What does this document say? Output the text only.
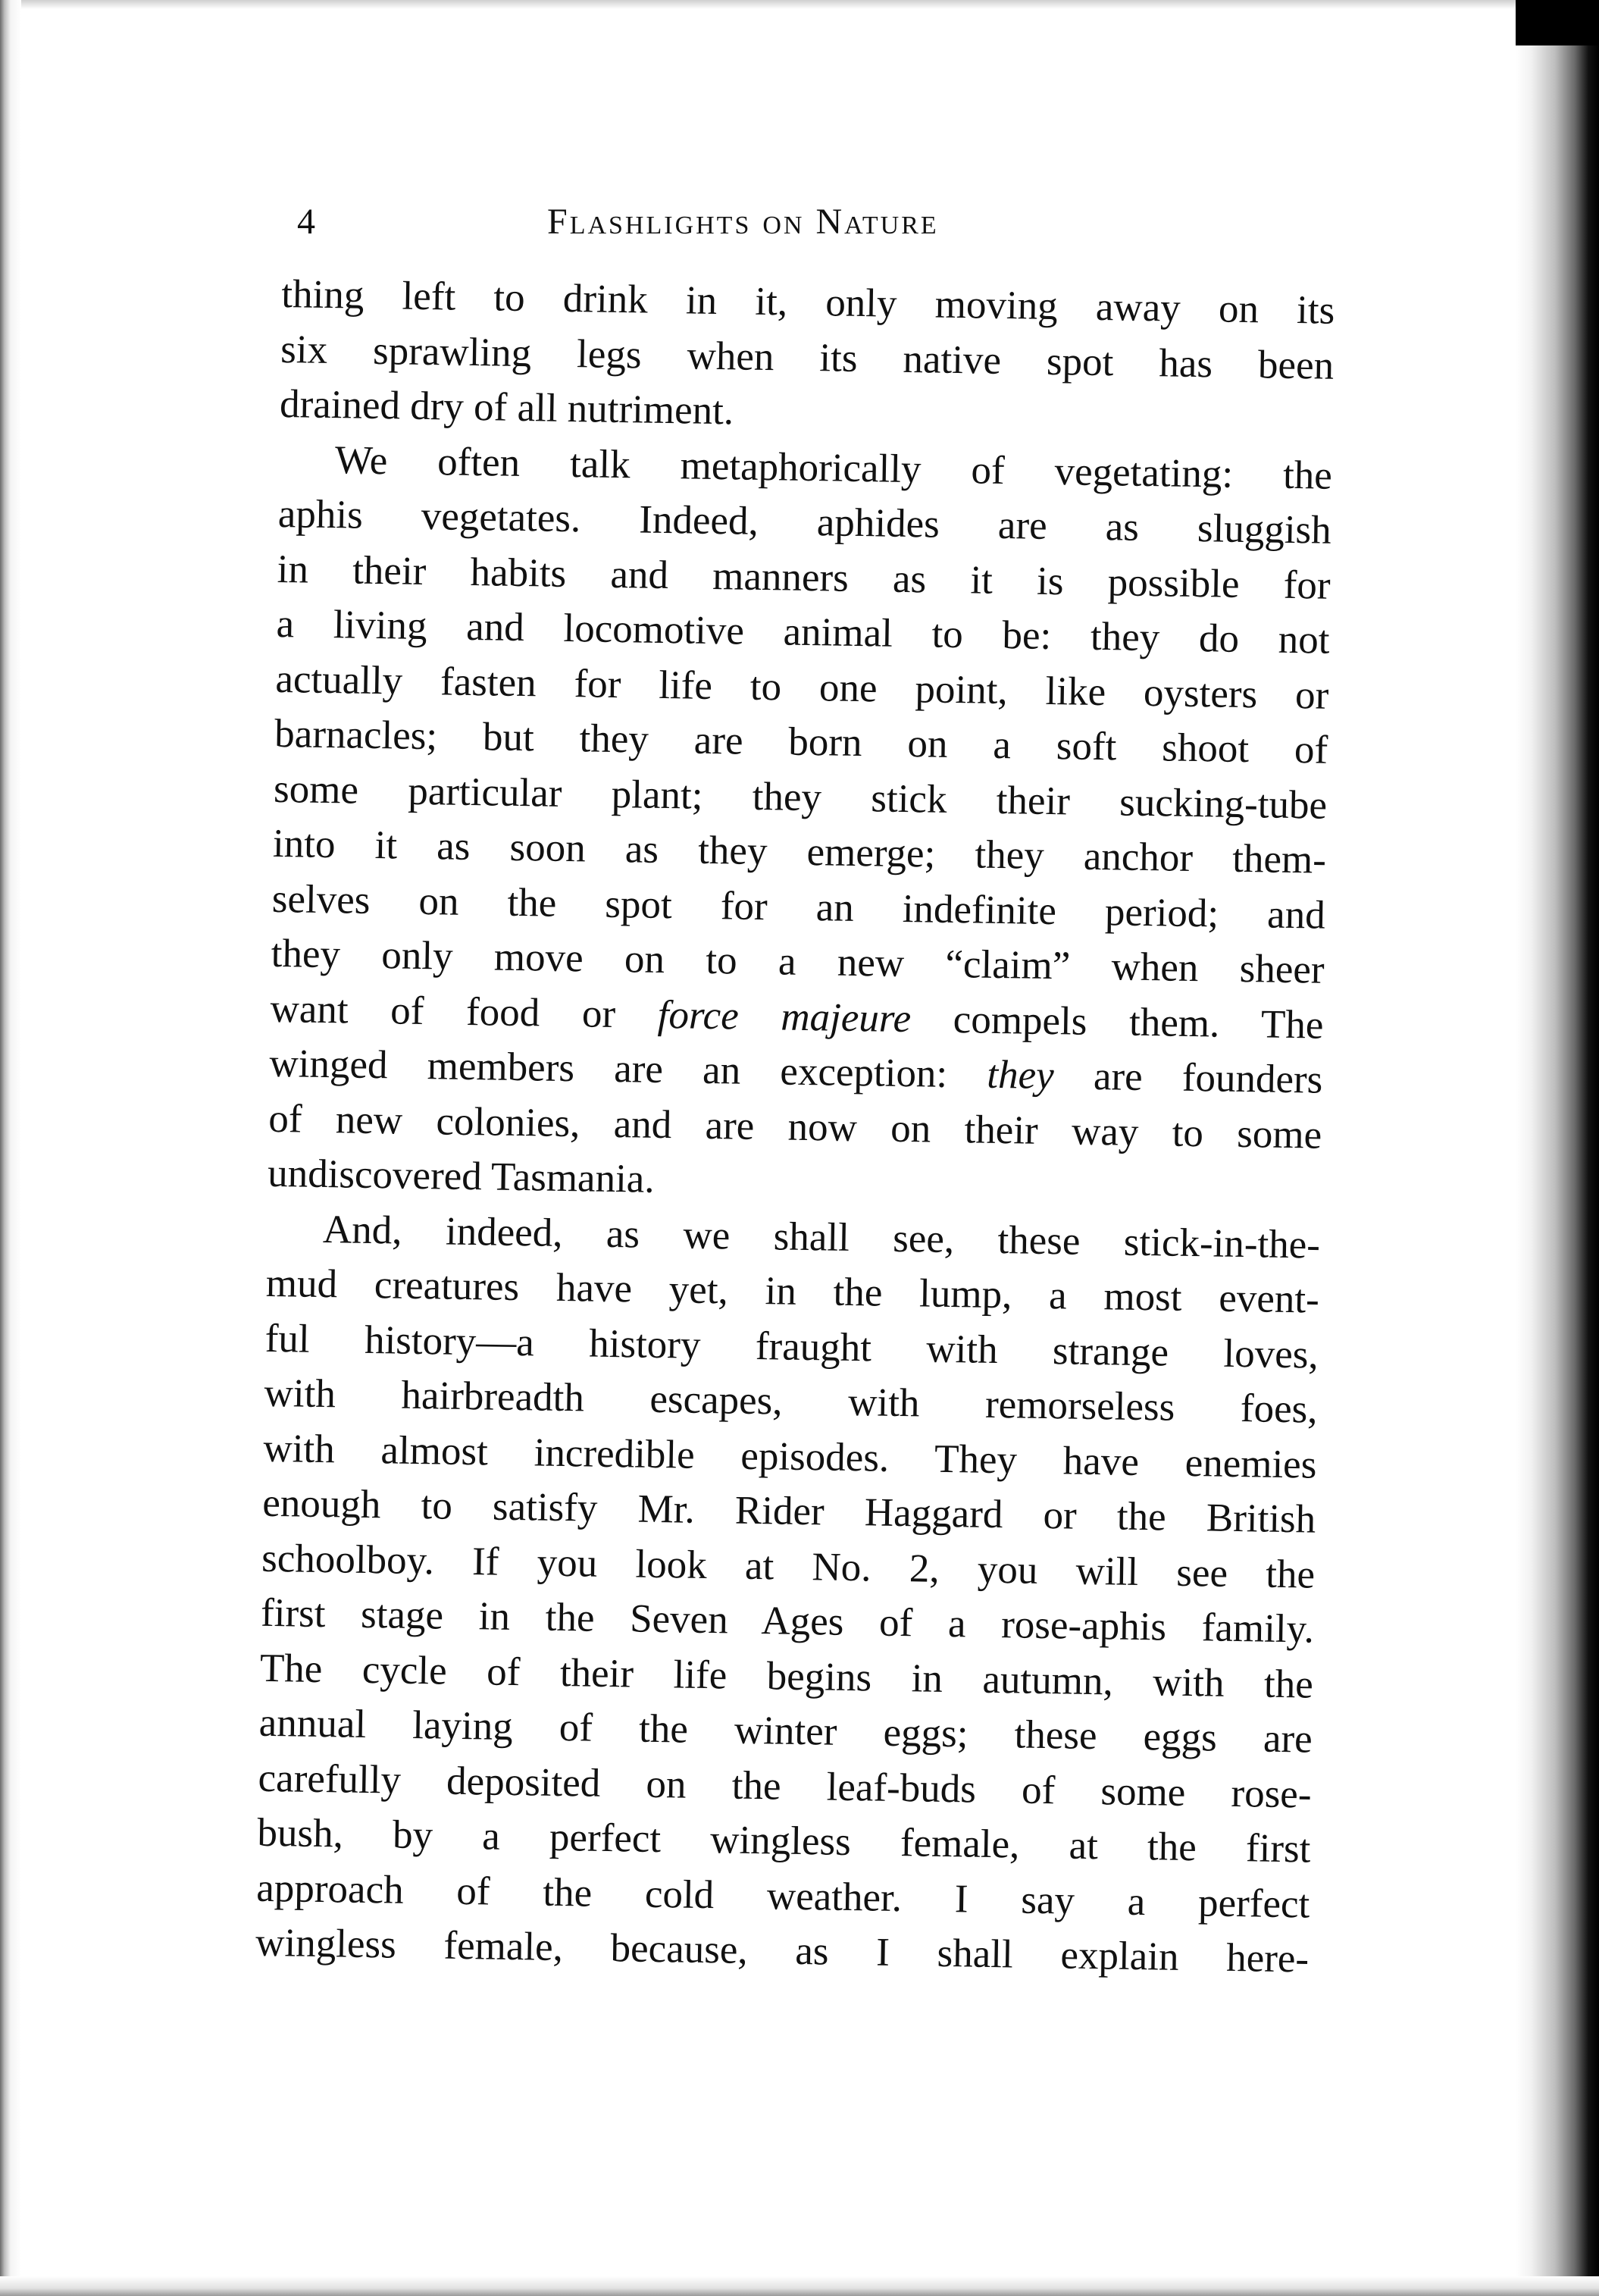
4	Flashlights on Nature
thing left to drink in it, only moving away on its
six sprawling legs when its native spot has been
drained dry of all nutriment.
We often talk metaphorically of vegetating: the
aphis vegetates. Indeed, aphides are as sluggish
in their habits and manners as it is possible for
a living and locomotive animal to be: they do not
actually fasten for life to one point, like oysters or
barnacles; but they are born on a soft shoot of
some particular plant; they stick their sucking-tube
into it as soon as they emerge; they anchor them-
selves on the spot for an indefinite period; and
they only move on to a new “claim” when sheer
want of food or force majeure compels them. The
winged members are an exception: they are founders
of new colonies, and are now on their way to some
undiscovered Tasmania.
And, indeed, as we shall see, these stick-in-the-
mud creatures have yet, in the lump, a most event-
ful history—a history fraught with strange loves,
with hairbreadth escapes, with remorseless foes,
with almost incredible episodes. They have enemies
enough to satisfy Mr. Rider Haggard or the British
schoolboy. If you look at No. 2, you will see the
first stage in the Seven Ages of a rose-aphis family.
The cycle of their life begins in autumn, with the
annual laying of the winter eggs; these eggs are
carefully deposited on the leaf-buds of some rose-
bush, by a perfect wingless female, at the first
approach of the cold weather. I say a perfect
wingless female, because, as I shall explain here-
